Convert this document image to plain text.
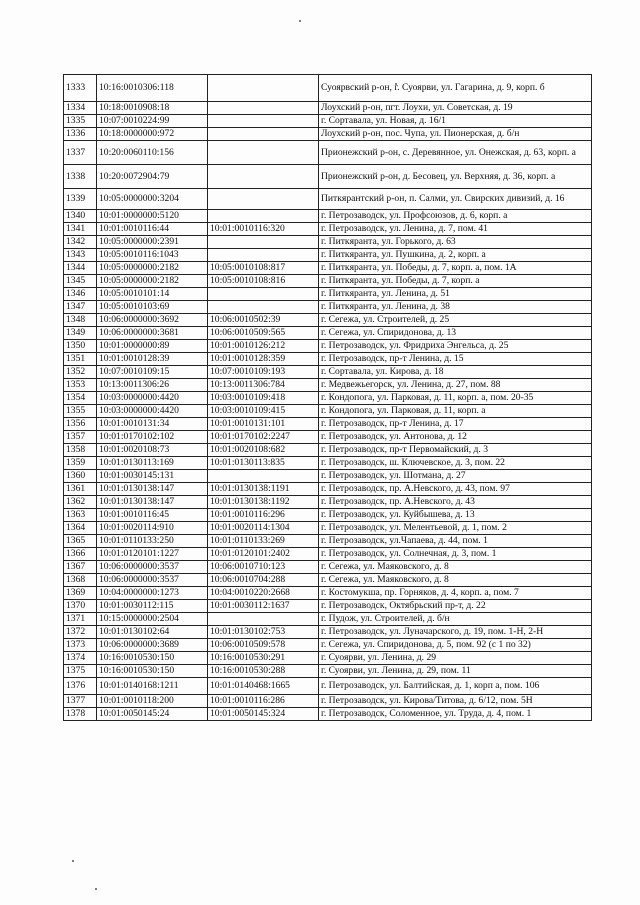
1333	10:16:0010306:118		Суоярвский р-он, г. Суоярви, ул. Гагарина, д. 9, корп. б
1334	10:18:0010908:18		Лоухский р-он, пгт. Лоухи, ул. Советская, д. 19
1335	10:07:0010224:99		г. Сортавала, ул. Новая, д. 16/1
1336	10:18:0000000:972		Лоухский р-он, пос. Чупа, ул. Пионерская, д. б/н
1337	10:20:0060110:156		Прионежский р-он, с. Деревянное, ул. Онежская, д. 63, корп. а
1338	10:20:0072904:79		Прионежский р-он, д. Бесовец, ул. Верхняя, д. 36, корп. а
1339	10:05:0000000:3204		Питкярантский р-он, п. Салми, ул. Свирских дивизий, д. 16
1340	10:01:0000000:5120		г. Петрозаводск, ул. Профсоюзов, д. 6, корп. а
1341	10:01:0010116:44	10:01:0010116:320	г. Петрозаводск, ул. Ленина, д. 7, пом. 41
1342	10:05:0000000:2391		г. Питкяранта, ул. Горького, д. 63
1343	10:05:0010116:1043		г. Питкяранта, ул. Пушкина, д. 2, корп. а
1344	10:05:0000000:2182	10:05:0010108:817	г. Питкяранта, ул. Победы, д. 7, корп. а, пом. 1А
1345	10:05:0000000:2182	10:05:0010108:816	г. Питкяранта, ул. Победы, д. 7, корп. а
1346	10:05:0010101:14		г. Питкяранта, ул. Ленина, д. 51
1347	10:05:0010103:69		г. Питкяранта, ул. Ленина, д. 38
1348	10:06:0000000:3692	10:06:0010502:39	г. Сегежа, ул. Строителей, д. 25
1349	10:06:0000000:3681	10:06:0010509:565	г. Сегежа, ул. Спиридонова, д. 13
1350	10:01:0000000:89	10:01:0010126:212	г. Петрозаводск, ул. Фридриха Энгельса, д. 25
1351	10:01:0010128:39	10:01:0010128:359	г. Петрозаводск, пр-т Ленина, д. 15
1352	10:07:0010109:15	10:07:0010109:193	г. Сортавала, ул. Кирова, д. 18
1353	10:13:0011306:26	10:13:0011306:784	г. Медвежьегорск, ул. Ленина, д. 27, пом. 88
1354	10:03:0000000:4420	10:03:0010109:418	г. Кондопога, ул. Парковая, д. 11, корп. а, пом. 20-35
1355	10:03:0000000:4420	10:03:0010109:415	г. Кондопога, ул. Парковая, д. 11, корп. а
1356	10:01:0010131:34	10:01:0010131:101	г. Петрозаводск, пр-т Ленина, д. 17
1357	10:01:0170102:102	10:01:0170102:2247	г. Петрозаводск, ул. Антонова, д. 12
1358	10:01:0020108:73	10:01:0020108:682	г. Петрозаводск, пр-т Первомайский, д. 3
1359	10:01:0130113:169	10:01:0130113:835	г. Петрозаводск, ш. Ключевское, д. 3, пом. 22
1360	10:01:0030145:131		г. Петрозаводск, ул. Шотмана, д. 27
1361	10:01:0130138:147	10:01:0130138:1191	г. Петрозаводск, пр. А.Невского, д. 43, пом. 97
1362	10:01:0130138:147	10:01:0130138:1192	г. Петрозаводск, пр. А.Невского, д. 43
1363	10:01:0010116:45	10:01:0010116:296	г. Петрозаводск, ул. Куйбышева, д. 13
1364	10:01:0020114:910	10:01:0020114:1304	г. Петрозаводск, ул. Мелентьевой, д. 1, пом. 2
1365	10:01:0110133:250	10:01:0110133:269	г. Петрозаводск, ул.Чапаева, д. 44, пом. 1
1366	10:01:0120101:1227	10:01:0120101:2402	г. Петрозаводск, ул. Солнечная, д. 3, пом. 1
1367	10:06:0000000:3537	10:06:0010710:123	г. Сегежа, ул. Маяковского, д. 8
1368	10:06:0000000:3537	10:06:0010704:288	г. Сегежа, ул. Маяковского, д. 8
1369	10:04:0000000:1273	10:04:0010220:2668	г. Костомукша, пр. Горняков, д. 4, корп. а, пом. 7
1370	10:01:0030112:115	10:01:0030112:1637	г. Петрозаводск, Октябрьский пр-т, д. 22
1371	10:15:0000000:2504		г. Пудож, ул. Строителей, д. б/н
1372	10:01:0130102:64	10:01:0130102:753	г. Петрозаводск, ул. Луначарского, д. 19, пом. 1-Н, 2-Н
1373	10:06:0000000:3689	10:06:0010509:578	г. Сегежа, ул. Спиридонова, д. 5, пом. 92 (с 1 по 32)
1374	10:16:0010530:150	10:16:0010530:291	г. Суоярви, ул. Ленина, д. 29
1375	10:16:0010530:150	10:16:0010530:288	г. Суоярви, ул. Ленина, д. 29, пом. 11
1376	10:01:0140168:1211	10:01:0140468:1665	г. Петрозаводск, ул. Балтийская, д. 1, корп а, пом. 106
1377	10:01:0010118:200	10:01:0010116:286	г. Петрозаводск, ул. Кирова/Титова, д. 6/12, пом. 5Н
1378	10:01:0050145:24	10:01:0050145:324	г. Петрозаводск, Соломенное, ул. Труда, д. 4, пом. 1
